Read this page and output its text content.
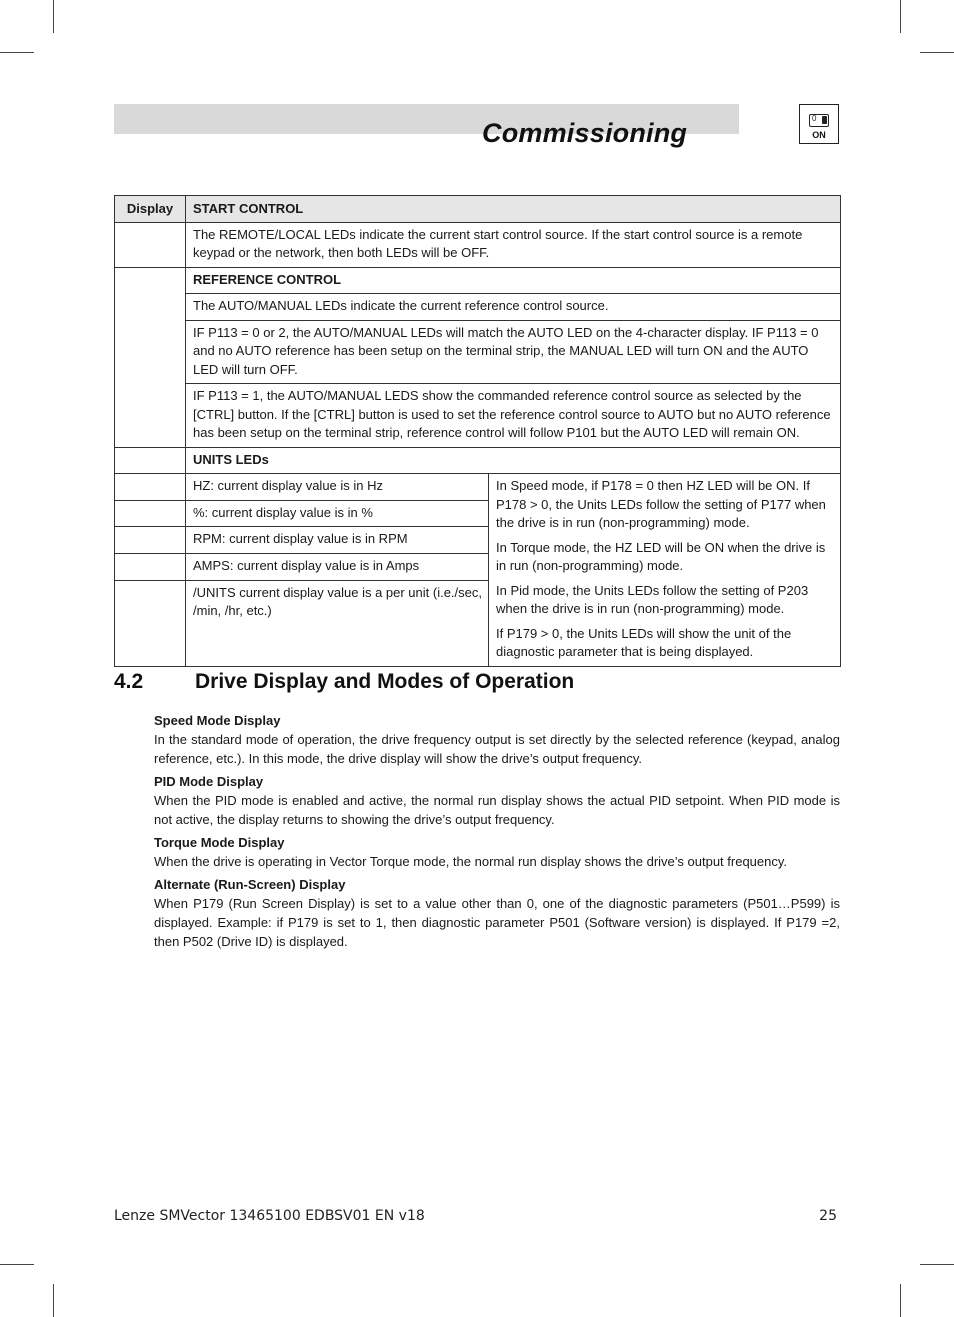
Commissioning	0
ON
Display	START CONTROL	
	The REMOTE/LOCAL LEDs indicate the current start control source. If the start control source is a remote keypad or the network, then both LEDs will be OFF.	
	REFERENCE CONTROL	
	The AUTO/MANUAL LEDs indicate the current reference control source.	
	IF P113 = 0 or 2, the AUTO/MANUAL LEDs will match the AUTO LED on the 4-character display. IF P113 = 0 and no AUTO reference has been setup on the terminal strip, the MANUAL LED will turn ON and the AUTO LED will turn OFF.	
	IF P113 = 1, the AUTO/MANUAL LEDS show the commanded reference control source as selected by the [CTRL] button. If the [CTRL] button is used to set the reference control source to AUTO but no AUTO reference has been setup on the terminal strip, reference control will follow P101 but the AUTO LED will remain ON.	
	UNITS LEDs	
	HZ: current display value is in Hz	In Speed mode, if P178 = 0 then HZ LED will be ON. If P178 > 0, the Units LEDs follow the setting of P177 when the drive is in run (non-programming) mode.

In Torque mode, the HZ LED will be ON when the drive is in run (non-programming) mode.

In Pid mode, the Units LEDs follow the setting of P203 when the drive is in run (non-programming) mode.

If P179 > 0, the Units LEDs will show the unit of the diagnostic parameter that is being displayed.

	%: current display value is in %	
	RPM: current display value is in RPM	
	AMPS: current display value is in Amps	
	/UNITS current display value is a per unit (i.e./sec, /min, /hr, etc.)	
4.2 Drive Display and Modes of Operation
Speed Mode Display

In the standard mode of operation, the drive frequency output is set directly by the selected reference (keypad, analog reference, etc.). In this mode, the drive display will show the drive’s output frequency.

PID Mode Display

When the PID mode is enabled and active, the normal run display shows the actual PID setpoint. When PID mode is not active, the display returns to showing the drive’s output frequency.

Torque Mode Display

When the drive is operating in Vector Torque mode, the normal run display shows the drive’s output frequency.

Alternate (Run-Screen) Display

When P179 (Run Screen Display) is set to a value other than 0, one of the diagnostic parameters (P501…P599) is displayed. Example: if P179 is set to 1, then diagnostic parameter P501 (Software version) is displayed. If P179 =2, then P502 (Drive ID) is displayed.

Lenze SMVector 13465100 EDBSV01 EN v18	25
